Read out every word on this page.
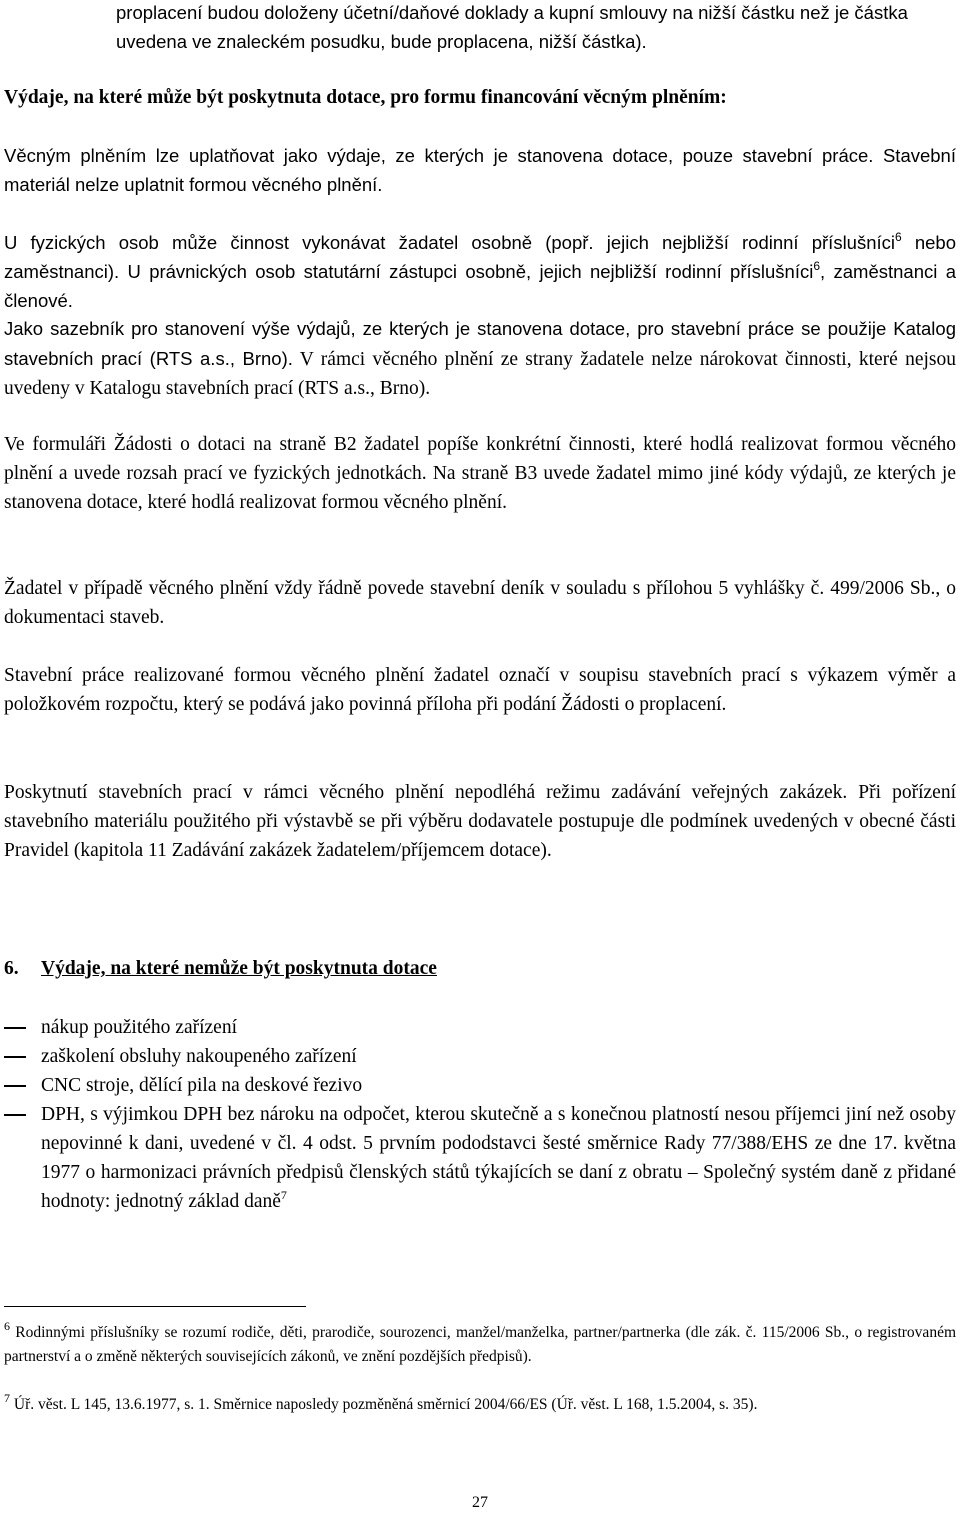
proplacení budou doloženy účetní/daňové doklady a kupní smlouvy na nižší částku než je částka uvedena ve znaleckém posudku, bude proplacena, nižší částka).

Výdaje, na které může být poskytnuta dotace, pro formu financování věcným plněním:

Věcným plněním lze uplatňovat jako výdaje, ze kterých je stanovena dotace, pouze stavební práce. Stavební materiál nelze uplatnit formou věcného plnění.

U fyzických osob může činnost vykonávat žadatel osobně (popř. jejich nejbližší rodinní příslušníci$^6$ nebo zaměstnanci). U právnických osob statutární zástupci osobně, jejich nejbližší rodinní příslušníci$^6$, zaměstnanci a členové.

Jako sazebník pro stanovení výše výdajů, ze kterých je stanovena dotace, pro stavební práce se použije Katalog stavebních prací (RTS a.s., Brno). V rámci věcného plnění ze strany žadatele nelze nárokovat činnosti, které nejsou uvedeny v Katalogu stavebních prací (RTS a.s., Brno).

Ve formuláři Žádosti o dotaci na straně B2 žadatel popíše konkrétní činnosti, které hodlá realizovat formou věcného plnění a uvede rozsah prací ve fyzických jednotkách. Na straně B3 uvede žadatel mimo jiné kódy výdajů, ze kterých je stanovena dotace, které hodlá realizovat formou věcného plnění.

Žadatel v případě věcného plnění vždy řádně povede stavební deník v souladu s přílohou 5 vyhlášky č. 499/2006 Sb., o dokumentaci staveb.

Stavební práce realizované formou věcného plnění žadatel označí v soupisu stavebních prací s výkazem výměr a položkovém rozpočtu, který se podává jako povinná příloha při podání Žádosti o proplacení.

Poskytnutí stavebních prací v rámci věcného plnění nepodléhá režimu zadávání veřejných zakázek. Při pořízení stavebního materiálu použitého při výstavbě se při výběru dodavatele postupuje dle podmínek uvedených v obecné části Pravidel (kapitola 11 Zadávání zakázek žadatelem/příjemcem dotace).

6. Výdaje, na které nemůže být poskytnuta dotace
nákup použitého zařízení
zaškolení obsluhy nakoupeného zařízení
CNC stroje, dělící pila na deskové řezivo
DPH, s výjimkou DPH bez nároku na odpočet, kterou skutečně a s konečnou platností nesou příjemci jiní než osoby nepovinné k dani, uvedené v čl. 4 odst. 5 prvním pododstavci šesté směrnice Rady 77/388/EHS ze dne 17. května 1977 o harmonizaci právních předpisů členských států týkajících se daní z obratu – Společný systém daně z přidané hodnoty: jednotný základ daně$^7$

$^6$ Rodinnými příslušníky se rozumí rodiče, děti, prarodiče, sourozenci, manžel/manželka, partner/partnerka (dle zák. č. 115/2006 Sb., o registrovaném partnerství a o změně některých souvisejících zákonů, ve znění pozdějších předpisů).

$^7$ Úř. věst. L 145, 13.6.1977, s. 1. Směrnice naposledy pozměněná směrnicí 2004/66/ES (Úř. věst. L 168, 1.5.2004, s. 35).

27
